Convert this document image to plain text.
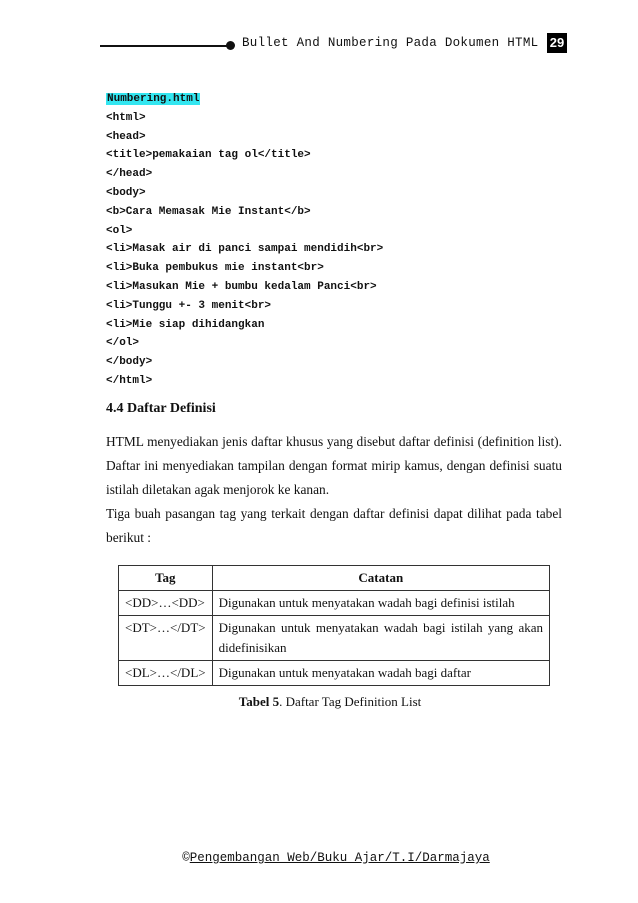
Bullet And Numbering Pada Dokumen HTML 29
Numbering.html
<html>
<head>
<title>pemakaian tag ol</title>
</head>
<body>
<b>Cara Memasak Mie Instant</b>
<ol>
<li>Masak air di panci sampai mendidih<br>
<li>Buka pembukus mie instant<br>
<li>Masukan Mie + bumbu kedalam Panci<br>
<li>Tunggu +- 3 menit<br>
<li>Mie siap dihidangkan
</ol>
</body>
</html>
4.4 Daftar Definisi
HTML menyediakan jenis daftar khusus yang disebut daftar definisi (definition list). Daftar ini menyediakan tampilan dengan format mirip kamus, dengan definisi suatu istilah diletakan agak menjorok ke kanan.
Tiga buah pasangan tag yang terkait dengan daftar definisi dapat dilihat pada tabel berikut :
Tag	Catatan
<DD>…<DD>	Digunakan untuk menyatakan wadah bagi definisi istilah
<DT>…</DT>	Digunakan untuk menyatakan wadah bagi istilah yang akan didefinisikan
<DL>…</DL>	Digunakan untuk menyatakan wadah bagi daftar
Tabel 5. Daftar Tag Definition List
©Pengembangan Web/Buku Ajar/T.I/Darmajaya
